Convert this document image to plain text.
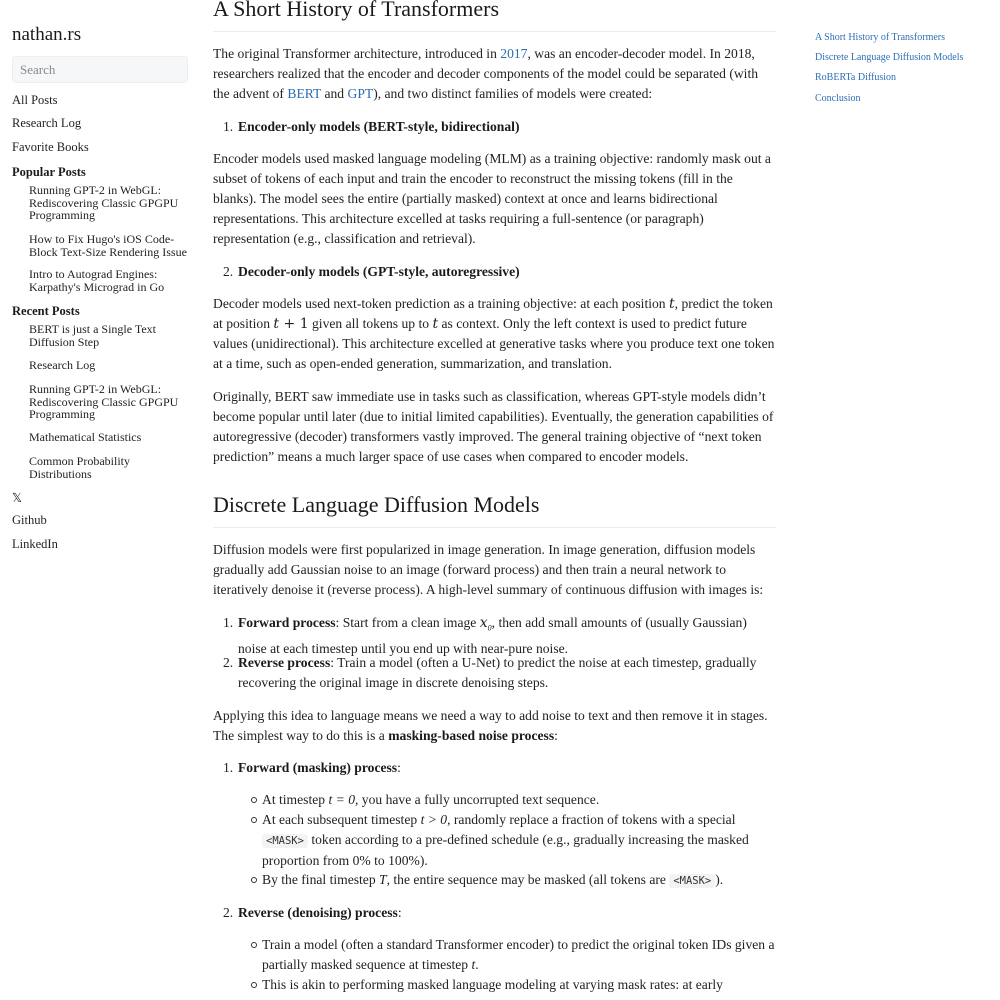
nathan.rs
Search
All Posts
Research Log
Favorite Books
Popular Posts
Running GPT-2 in WebGL: Rediscovering Classic GPGPU Programming
How to Fix Hugo's iOS Code-Block Text-Size Rendering Issue
Intro to Autograd Engines: Karpathy's Micrograd in Go
Recent Posts
BERT is just a Single Text Diffusion Step
Research Log
Running GPT-2 in WebGL: Rediscovering Classic GPGPU Programming
Mathematical Statistics
Common Probability Distributions
𝕏
Github
LinkedIn
A Short History of Transformers
Discrete Language Diffusion Models
RoBERTa Diffusion
Conclusion
A Short History of Transformers

The original Transformer architecture, introduced in 2017, was an encoder-decoder model. In 2018, researchers realized that the encoder and decoder components of the model could be separated (with the advent of BERT and GPT), and two distinct families of models were created:

1. Encoder-only models (BERT-style, bidirectional)

Encoder models used masked language modeling (MLM) as a training objective: randomly mask out a subset of tokens of each input and train the encoder to reconstruct the missing tokens (fill in the blanks). The model sees the entire (partially masked) context at once and learns bidirectional representations. This architecture excelled at tasks requiring a full-sentence (or paragraph) representation (e.g., classification and retrieval).

2. Decoder-only models (GPT-style, autoregressive)

Decoder models used next-token prediction as a training objective: at each position t, predict the token at position t + 1 given all tokens up to t as context. Only the left context is used to predict future values (unidirectional). This architecture excelled at generative tasks where you produce text one token at a time, such as open-ended generation, summarization, and translation.

Originally, BERT saw immediate use in tasks such as classification, whereas GPT-style models didn’t become popular until later (due to initial limited capabilities). Eventually, the generation capabilities of autoregressive (decoder) transformers vastly improved. The general training objective of “next token prediction” means a much larger space of use cases when compared to encoder models.

Discrete Language Diffusion Models

Diffusion models were first popularized in image generation. In image generation, diffusion models gradually add Gaussian noise to an image (forward process) and then train a neural network to iteratively denoise it (reverse process). A high-level summary of continuous diffusion with images is:

1. Forward process: Start from a clean image $x_0$, then add small amounts of (usually Gaussian) noise at each timestep until you end up with near-pure noise.
2. Reverse process: Train a model (often a U-Net) to predict the noise at each timestep, gradually recovering the original image in discrete denoising steps.

Applying this idea to language means we need a way to add noise to text and then remove it in stages. The simplest way to do this is a masking-based noise process:

1. Forward (masking) process:
At timestep t = 0, you have a fully uncorrupted text sequence.
At each subsequent timestep t > 0, randomly replace a fraction of tokens with a special <MASK> token according to a pre-defined schedule (e.g., gradually increasing the masked proportion from 0% to 100%).
By the final timestep T, the entire sequence may be masked (all tokens are <MASK> ).
2. Reverse (denoising) process:
Train a model (often a standard Transformer encoder) to predict the original token IDs given a partially masked sequence at timestep t.
This is akin to performing masked language modeling at varying mask rates: at early
